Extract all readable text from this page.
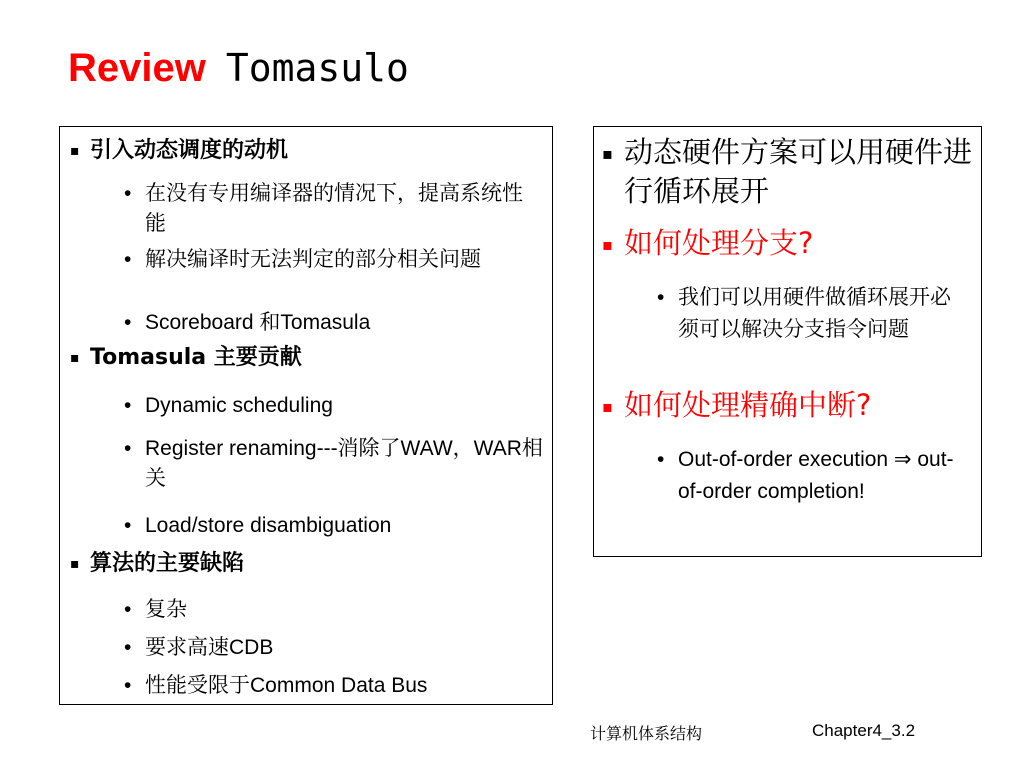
Review Tomasulo
▪ 引入动态调度的动机
• 在没有专用编译器的情况下，提高系统性能
• 解决编译时无法判定的部分相关问题
• Scoreboard 和Tomasula
▪ Tomasula 主要贡献
• Dynamic scheduling
• Register renaming---消除了WAW，WAR相关
• Load/store disambiguation
▪ 算法的主要缺陷
• 复杂
• 要求高速CDB
• 性能受限于Common Data Bus
▪ 动态硬件方案可以用硬件进行循环展开
▪ 如何处理分支?
• 我们可以用硬件做循环展开必须可以解决分支指令问题
▪ 如何处理精确中断?
• Out-of-order execution ⇒ out-of-order completion!
计算机体系结构	Chapter4_3.2
